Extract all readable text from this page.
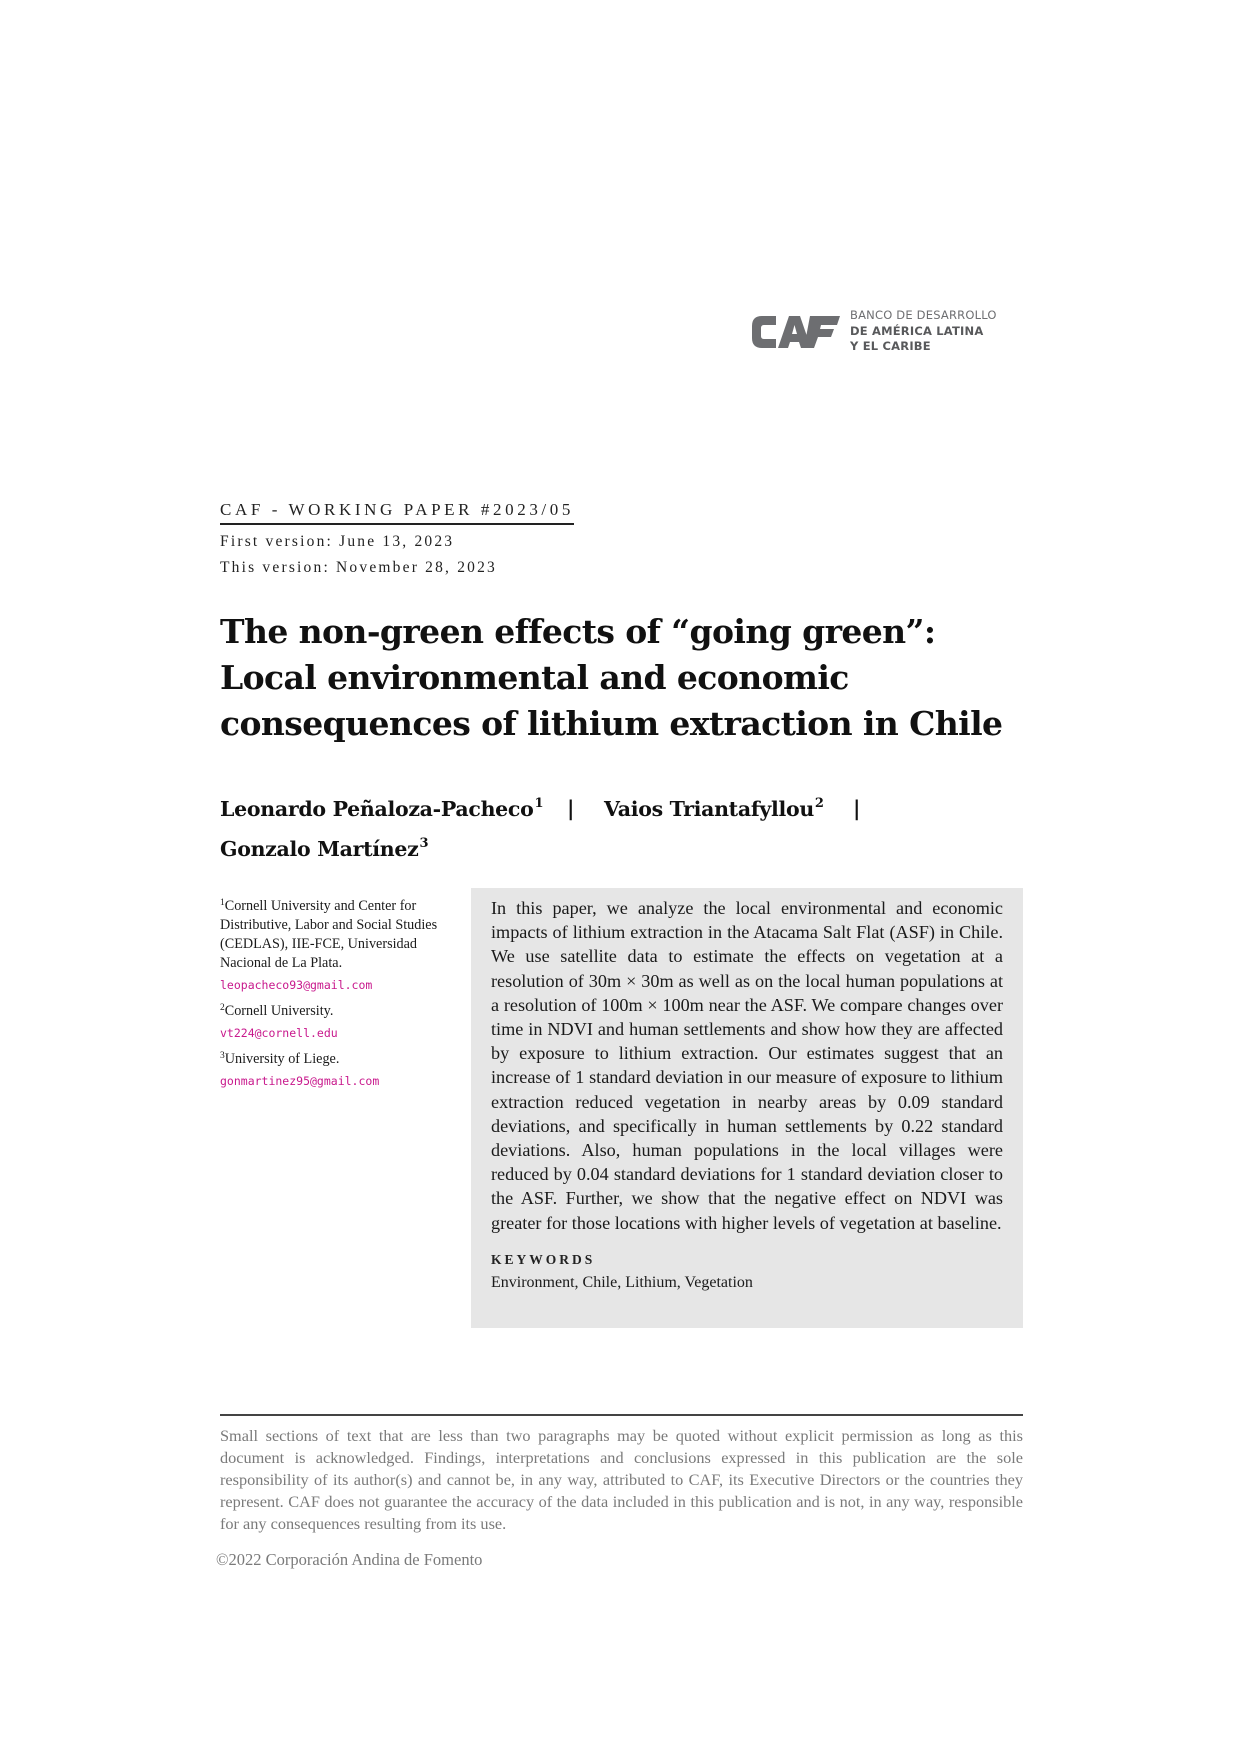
BANCO DE DESARROLLO
DE AMÉRICA LATINA
Y EL CARIBE
CAF - WORKING PAPER #2023/05
First version: June 13, 2023
This version: November 28, 2023
The non-green effects of “going green”: Local environmental and economic consequences of lithium extraction in Chile
Leonardo Peñaloza-Pacheco$^1$ | Vaios Triantafyllou$^2$ |
Gonzalo Martínez$^3$
$^1$Cornell University and Center for Distributive, Labor and Social Studies (CEDLAS), IIE-FCE, Universidad Nacional de La Plata.
leopacheco93@gmail.com
$^2$Cornell University.
vt224@cornell.edu
$^3$University of Liege.
gonmartinez95@gmail.com

In this paper, we analyze the local environmental and economic impacts of lithium extraction in the Atacama Salt Flat (ASF) in Chile. We use satellite data to estimate the effects on vegetation at a resolution of 30m × 30m as well as on the local human populations at a resolution of 100m × 100m near the ASF. We compare changes over time in NDVI and human settlements and show how they are affected by exposure to lithium extraction. Our estimates suggest that an increase of 1 standard deviation in our measure of exposure to lithium extraction reduced vegetation in nearby areas by 0.09 standard deviations, and specifically in human settlements by 0.22 standard deviations. Also, human populations in the local villages were reduced by 0.04 standard deviations for 1 standard deviation closer to the ASF. Further, we show that the negative effect on NDVI was greater for those locations with higher levels of vegetation at baseline.

KEYWORDS
Environment, Chile, Lithium, Vegetation

Small sections of text that are less than two paragraphs may be quoted without explicit permission as long as this document is acknowledged. Findings, interpretations and conclusions expressed in this publication are the sole responsibility of its author(s) and cannot be, in any way, attributed to CAF, its Executive Directors or the countries they represent. CAF does not guarantee the accuracy of the data included in this publication and is not, in any way, responsible for any consequences resulting from its use.

©2022 Corporación Andina de Fomento
